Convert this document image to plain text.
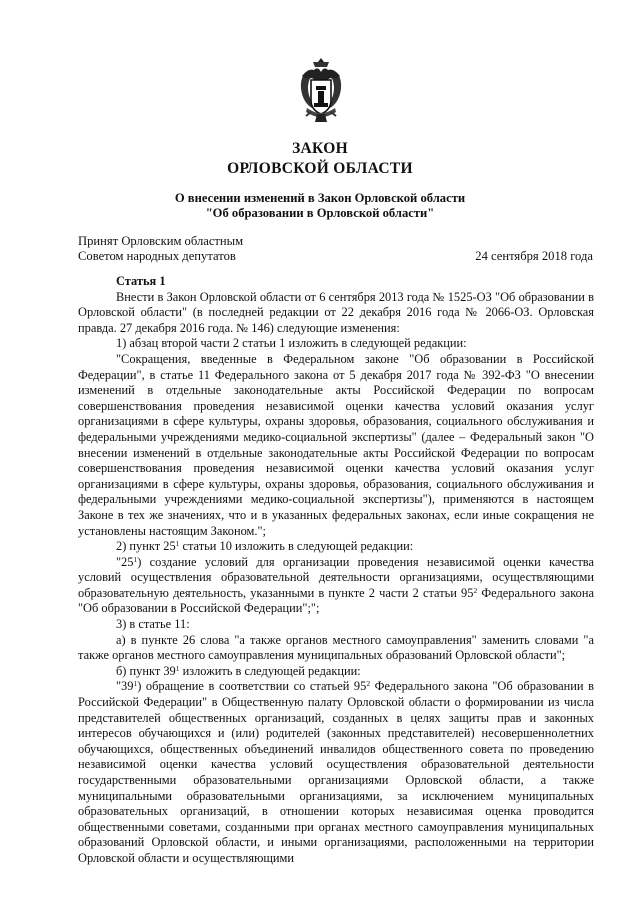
ЗАКОН
ОРЛОВСКОЙ ОБЛАСТИ
О внесении изменений в Закон Орловской области
"Об образовании в Орловской области"
Принят Орловским областным
Советом народных депутатов	24 сентября 2018 года

Статья 1

Внести в Закон Орловской области от 6 сентября 2013 года № 1525-ОЗ "Об образовании в Орловской области" (в последней редакции от 22 декабря 2016 года № 2066-ОЗ. Орловская правда. 27 декабря 2016 года. № 146) следующие изменения:

1) абзац второй части 2 статьи 1 изложить в следующей редакции:

"Сокращения, введенные в Федеральном законе "Об образовании в Российской Федерации", в статье 11 Федерального закона от 5 декабря 2017 года № 392-ФЗ "О внесении изменений в отдельные законодательные акты Российской Федерации по вопросам совершенствования проведения независимой оценки качества условий оказания услуг организациями в сфере культуры, охраны здоровья, образования, социального обслуживания и федеральными учреждениями медико-социальной экспертизы" (далее – Федеральный закон "О внесении изменений в отдельные законодательные акты Российской Федерации по вопросам совершенствования проведения независимой оценки качества условий оказания услуг организациями в сфере культуры, охраны здоровья, образования, социального обслуживания и федеральными учреждениями медико-социальной экспертизы"), применяются в настоящем Законе в тех же значениях, что и в указанных федеральных законах, если иные сокращения не установлены настоящим Законом.";

2) пункт $25^1$ статьи 10 изложить в следующей редакции:

"$25^1$) создание условий для организации проведения независимой оценки качества условий осуществления образовательной деятельности организациями, осуществляющими образовательную деятельность, указанными в пункте 2 части 2 статьи $95^2$ Федерального закона "Об образовании в Российской Федерации";";

3) в статье 11:

а) в пункте 26 слова "а также органов местного самоуправления" заменить словами "а также органов местного самоуправления муниципальных образований Орловской области";

б) пункт $39^1$ изложить в следующей редакции:

"$39^1$) обращение в соответствии со статьей $95^2$ Федерального закона "Об образовании в Российской Федерации" в Общественную палату Орловской области о формировании из числа представителей общественных организаций, созданных в целях защиты прав и законных интересов обучающихся и (или) родителей (законных представителей) несовершеннолетних обучающихся, общественных объединений инвалидов общественного совета по проведению независимой оценки качества условий осуществления образовательной деятельности государственными образовательными организациями Орловской области, а также муниципальными образовательными организациями, за исключением муниципальных образовательных организаций, в отношении которых независимая оценка проводится общественными советами, созданными при органах местного самоуправления муниципальных образований Орловской области, и иными организациями, расположенными на территории Орловской области и осуществляющими
